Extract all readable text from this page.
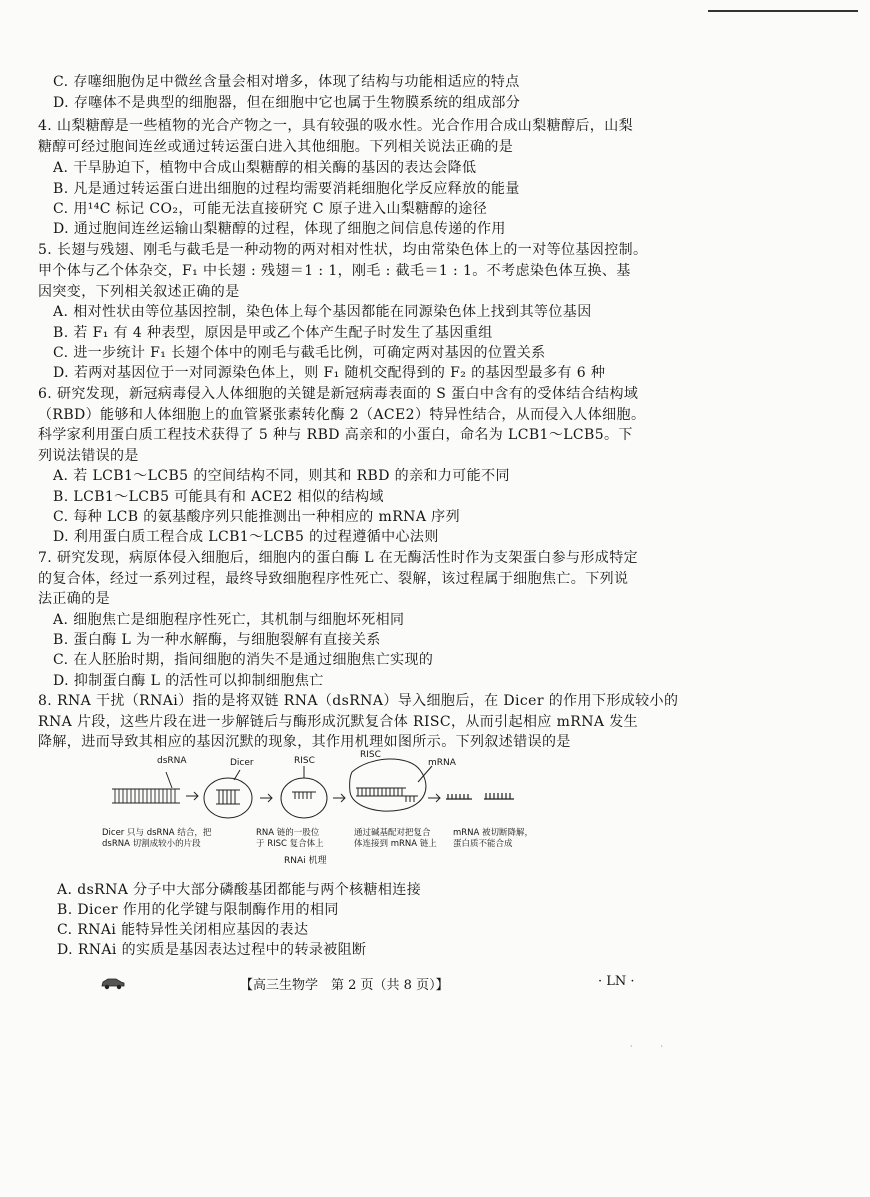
C. 存噻细胞伪足中微丝含量会相对增多，体现了结构与功能相适应的特点
D. 存噻体不是典型的细胞器，但在细胞中它也属于生物膜系统的组成部分
4. 山梨糖醇是一些植物的光合产物之一，具有较强的吸水性。光合作用合成山梨糖醇后，山梨
糖醇可经过胞间连丝或通过转运蛋白进入其他细胞。下列相关说法正确的是
A. 干旱胁迫下，植物中合成山梨糖醇的相关酶的基因的表达会降低
B. 凡是通过转运蛋白进出细胞的过程均需要消耗细胞化学反应释放的能量
C. 用¹⁴C 标记 CO₂，可能无法直接研究 C 原子进入山梨糖醇的途径
D. 通过胞间连丝运输山梨糖醇的过程，体现了细胞之间信息传递的作用
5. 长翅与残翅、刚毛与截毛是一种动物的两对相对性状，均由常染色体上的一对等位基因控制。
甲个体与乙个体杂交，F₁ 中长翅 : 残翅＝1 : 1，刚毛 : 截毛＝1 : 1。不考虑染色体互换、基
因突变，下列相关叙述正确的是
A. 相对性状由等位基因控制，染色体上每个基因都能在同源染色体上找到其等位基因
B. 若 F₁ 有 4 种表型，原因是甲或乙个体产生配子时发生了基因重组
C. 进一步统计 F₁ 长翅个体中的刚毛与截毛比例，可确定两对基因的位置关系
D. 若两对基因位于一对同源染色体上，则 F₁ 随机交配得到的 F₂ 的基因型最多有 6 种
6. 研究发现，新冠病毒侵入人体细胞的关键是新冠病毒表面的 S 蛋白中含有的受体结合结构域
（RBD）能够和人体细胞上的血管紧张素转化酶 2（ACE2）特异性结合，从而侵入人体细胞。
科学家利用蛋白质工程技术获得了 5 种与 RBD 高亲和的小蛋白，命名为 LCB1～LCB5。下
列说法错误的是
A. 若 LCB1～LCB5 的空间结构不同，则其和 RBD 的亲和力可能不同
B. LCB1～LCB5 可能具有和 ACE2 相似的结构域
C. 每种 LCB 的氨基酸序列只能推测出一种相应的 mRNA 序列
D. 利用蛋白质工程合成 LCB1～LCB5 的过程遵循中心法则
7. 研究发现，病原体侵入细胞后，细胞内的蛋白酶 L 在无酶活性时作为支架蛋白参与形成特定
的复合体，经过一系列过程，最终导致细胞程序性死亡、裂解，该过程属于细胞焦亡。下列说
法正确的是
A. 细胞焦亡是细胞程序性死亡，其机制与细胞坏死相同
B. 蛋白酶 L 为一种水解酶，与细胞裂解有直接关系
C. 在人胚胎时期，指间细胞的消失不是通过细胞焦亡实现的
D. 抑制蛋白酶 L 的活性可以抑制细胞焦亡
8. RNA 干扰（RNAi）指的是将双链 RNA（dsRNA）导入细胞后，在 Dicer 的作用下形成较小的
RNA 片段，这些片段在进一步解链后与酶形成沉默复合体 RISC，从而引起相应 mRNA 发生
降解，进而导致其相应的基因沉默的现象，其作用机理如图所示。下列叙述错误的是
A. dsRNA 分子中大部分磷酸基团都能与两个核糖相连接
B. Dicer 作用的化学键与限制酶作用的相同
C. RNAi 能特异性关闭相应基因的表达
D. RNAi 的实质是基因表达过程中的转录被阻断
dsRNA	Dicer	RISC
RISC
mRNA
Dicer 只与 dsRNA 结合，把
dsRNA 切割成较小的片段
RNA 链的一股位
于 RISC 复合体上
通过碱基配对把复合
体连接到 mRNA 链上
mRNA 被切断降解，
蛋白质不能合成
RNAi 机理
【高三生物学　第 2 页（共 8 页）】	· LN ·
·           ·
